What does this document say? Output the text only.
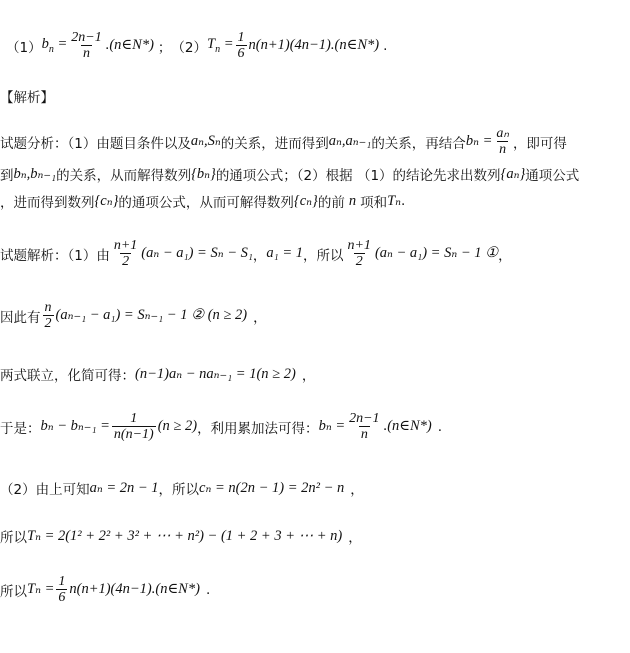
（1） $b_n = \frac{2n-1}{n}$ .(n∈N*) ； （2） $T_n = \frac{1}{6}$ n(n+1)(4n−1).(n∈N*) .
【解析】
试题分析：（1）由题目条件以及 aₙ,Sₙ 的关系，进而得到 aₙ,aₙ₋₁ 的关系，再结合 $b_n = \frac{\text{aₙ}}{n}$ ，即可得
到 bₙ,bₙ₋₁ 的关系，从而解得数列 {bₙ} 的通项公式；（2）根据 （1）的结论先求出数列 {aₙ} 通项公式
，进而得到数列 {cₙ} 的通项公式，从而可解得数列 {cₙ} 的前 n 项和 Tₙ .
试题解析：（1）由 $\frac{n+1}{2} (a_n - a_1) = S_n - S_1$ ， a₁ = 1 ，所以 $\frac{n+1}{2} (a_n - a_1) = S_n - 1$ ① ，
因此有 $\frac{n}{2} (a_{n-1} - a_1) = S_{n-1} - 1$ ② (n ≥ 2) ，
两式联立，化简可得： (n−1)aₙ − naₙ₋₁ = 1(n ≥ 2) ，
于是： $b_n - b_{n-1} = \frac{1}{n(n-1)} (n \ge 2)$ ，利用累加法可得： $b_n = \frac{2n-1}{n}$ .(n∈N*) .
（2）由上可知 aₙ = 2n − 1 ，所以 cₙ = n(2n − 1) = 2n² − n ，
所以 Tₙ = 2(1² + 2² + 3² + ⋯ + n²) − (1 + 2 + 3 + ⋯ + n) ，
所以 $T_n = \frac{1}{6}$ n(n+1)(4n−1).(n∈N*) .
